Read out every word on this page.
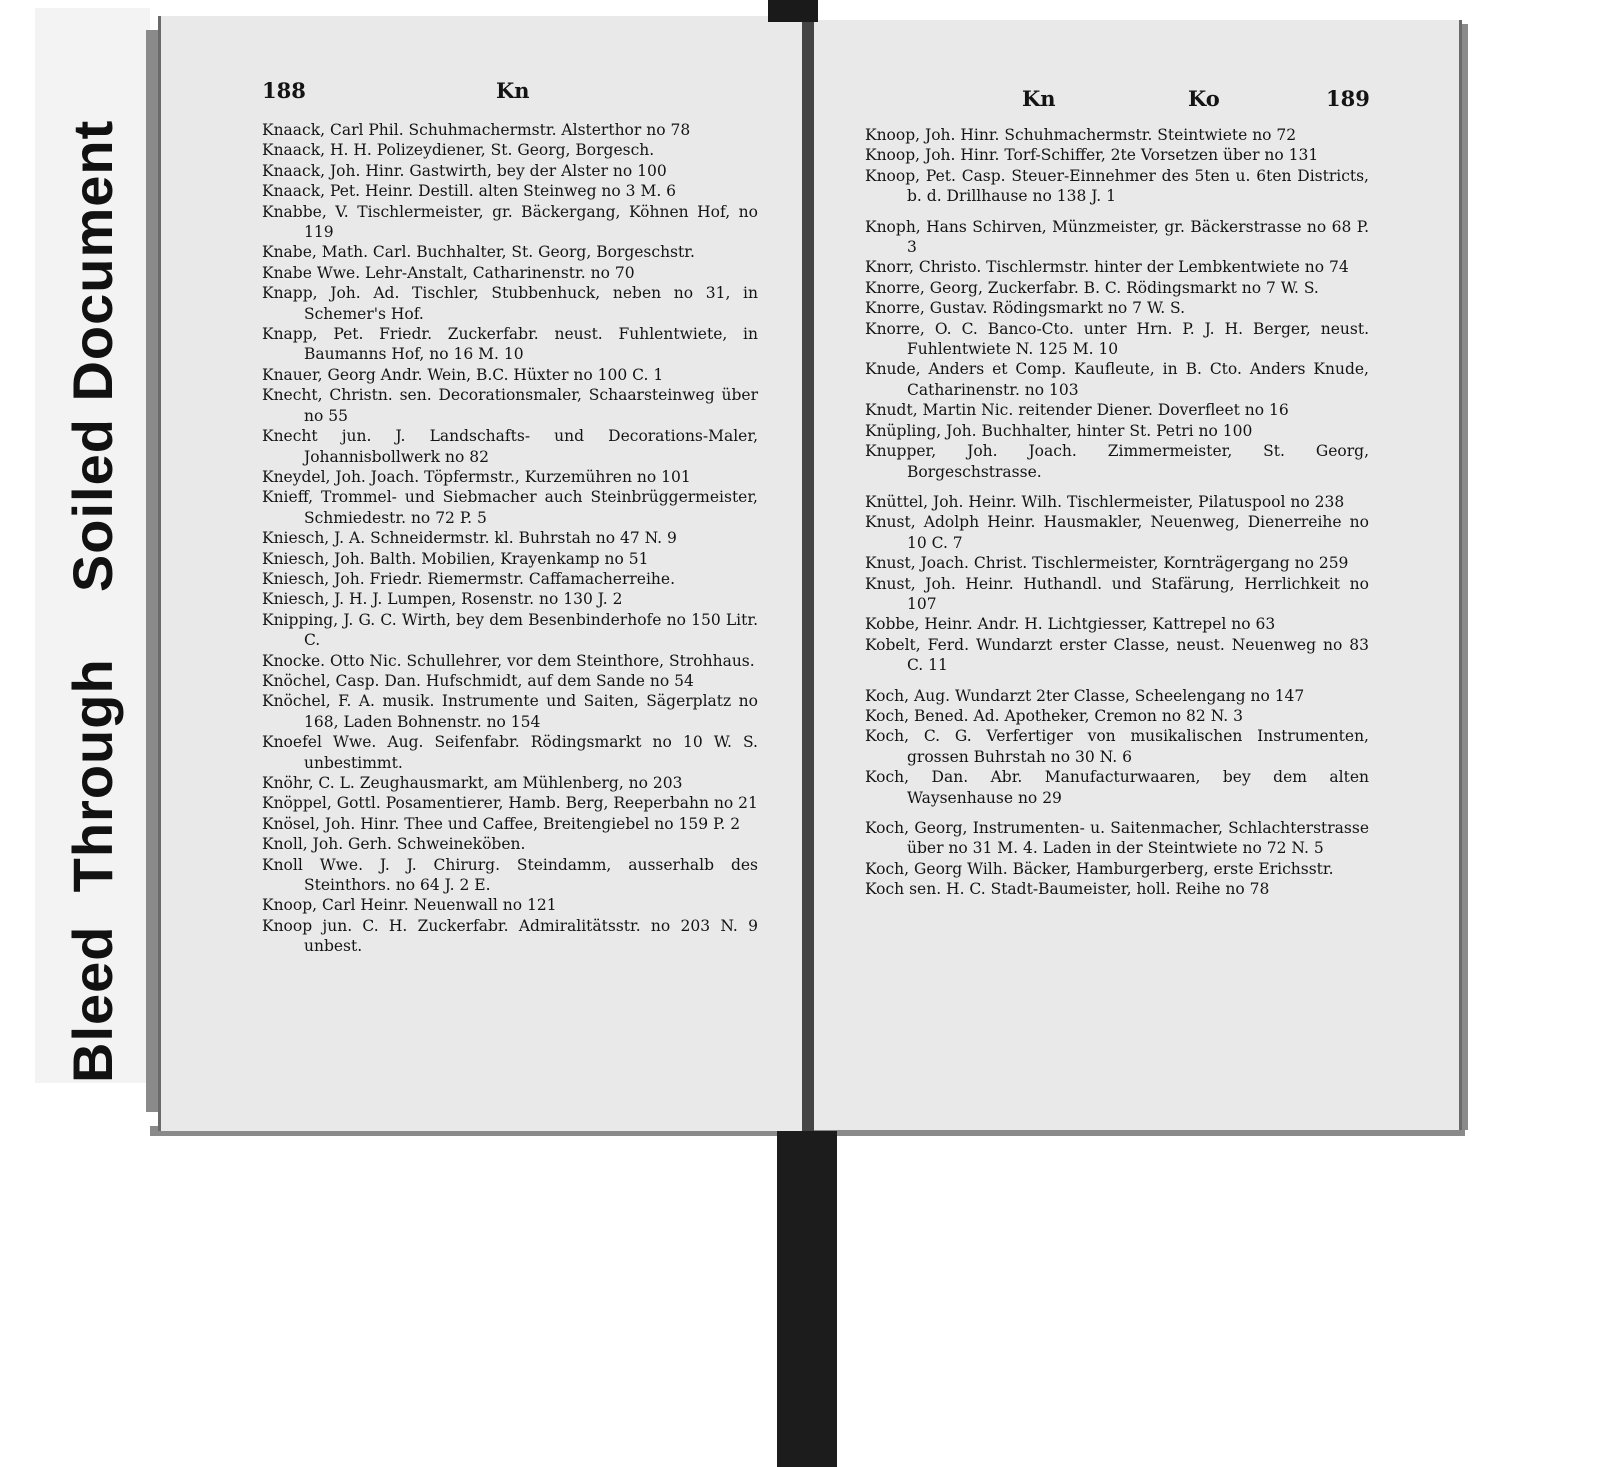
Bleed  Through    Soiled Document
188	Kn	Kn	Ko	189

Knaack, Carl Phil. Schuhmachermstr. Alsterthor no 78

Knaack, H. H. Polizeydiener, St. Georg, Borgesch.

Knaack, Joh. Hinr. Gastwirth, bey der Alster no 100

Knaack, Pet. Heinr. Destill. alten Steinweg no 3 M. 6

Knabbe, V. Tischlermeister, gr. Bäckergang, Köhnen Hof, no 119

Knabe, Math. Carl. Buchhalter, St. Georg, Borgeschstr.

Knabe Wwe. Lehr-Anstalt, Catharinenstr. no 70

Knapp, Joh. Ad. Tischler, Stubbenhuck, neben no 31, in Schemer's Hof.

Knapp, Pet. Friedr. Zuckerfabr. neust. Fuhlentwiete, in Baumanns Hof, no 16 M. 10

Knauer, Georg Andr. Wein, B.C. Hüxter no 100 C. 1

Knecht, Christn. sen. Decorationsmaler, Schaarsteinweg über no 55

Knecht jun. J. Landschafts- und Decorations-Maler, Johannisbollwerk no 82

Kneydel, Joh. Joach. Töpfermstr., Kurzemühren no 101

Knieff, Trommel- und Siebmacher auch Steinbrüggermeister, Schmiedestr. no 72 P. 5

Kniesch, J. A. Schneidermstr. kl. Buhrstah no 47 N. 9

Kniesch, Joh. Balth. Mobilien, Krayenkamp no 51

Kniesch, Joh. Friedr. Riemermstr. Caffamacherreihe.

Kniesch, J. H. J. Lumpen, Rosenstr. no 130 J. 2

Knipping, J. G. C. Wirth, bey dem Besenbinderhofe no 150 Litr. C.

Knocke. Otto Nic. Schullehrer, vor dem Steinthore, Strohhaus.

Knöchel, Casp. Dan. Hufschmidt, auf dem Sande no 54

Knöchel, F. A. musik. Instrumente und Saiten, Sägerplatz no 168, Laden Bohnenstr. no 154

Knoefel Wwe. Aug. Seifenfabr. Rödingsmarkt no 10 W. S. unbestimmt.

Knöhr, C. L. Zeughausmarkt, am Mühlenberg, no 203

Knöppel, Gottl. Posamentierer, Hamb. Berg, Reeperbahn no 21

Knösel, Joh. Hinr. Thee und Caffee, Breitengiebel no 159 P. 2

Knoll, Joh. Gerh. Schweineköben.

Knoll Wwe. J. J. Chirurg. Steindamm, ausserhalb des Steinthors. no 64 J. 2 E.

Knoop, Carl Heinr. Neuenwall no 121

Knoop jun. C. H. Zuckerfabr. Admiralitätsstr. no 203 N. 9 unbest.

Knoop, Joh. Hinr. Schuhmachermstr. Steintwiete no 72

Knoop, Joh. Hinr. Torf-Schiffer, 2te Vorsetzen über no 131

Knoop, Pet. Casp. Steuer-Einnehmer des 5ten u. 6ten Districts, b. d. Drillhause no 138 J. 1

Knoph, Hans Schirven, Münzmeister, gr. Bäckerstrasse no 68 P. 3

Knorr, Christo. Tischlermstr. hinter der Lembkentwiete no 74

Knorre, Georg, Zuckerfabr. B. C. Rödingsmarkt no 7 W. S.

Knorre, Gustav. Rödingsmarkt no 7 W. S.

Knorre, O. C. Banco-Cto. unter Hrn. P. J. H. Berger, neust. Fuhlentwiete N. 125 M. 10

Knude, Anders et Comp. Kaufleute, in B. Cto. Anders Knude, Catharinenstr. no 103

Knudt, Martin Nic. reitender Diener. Doverfleet no 16

Knüpling, Joh. Buchhalter, hinter St. Petri no 100

Knupper, Joh. Joach. Zimmermeister, St. Georg, Borgeschstrasse.

Knüttel, Joh. Heinr. Wilh. Tischlermeister, Pilatuspool no 238

Knust, Adolph Heinr. Hausmakler, Neuenweg, Dienerreihe no 10 C. 7

Knust, Joach. Christ. Tischlermeister, Kornträgergang no 259

Knust, Joh. Heinr. Huthandl. und Stafärung, Herrlichkeit no 107

Kobbe, Heinr. Andr. H. Lichtgiesser, Kattrepel no 63

Kobelt, Ferd. Wundarzt erster Classe, neust. Neuenweg no 83 C. 11

Koch, Aug. Wundarzt 2ter Classe, Scheelengang no 147

Koch, Bened. Ad. Apotheker, Cremon no 82 N. 3

Koch, C. G. Verfertiger von musikalischen Instrumenten, grossen Buhrstah no 30 N. 6

Koch, Dan. Abr. Manufacturwaaren, bey dem alten Waysenhause no 29

Koch, Georg, Instrumenten- u. Saitenmacher, Schlachterstrasse über no 31 M. 4. Laden in der Steintwiete no 72 N. 5

Koch, Georg Wilh. Bäcker, Hamburgerberg, erste Erichsstr.

Koch sen. H. C. Stadt-Baumeister, holl. Reihe no 78
